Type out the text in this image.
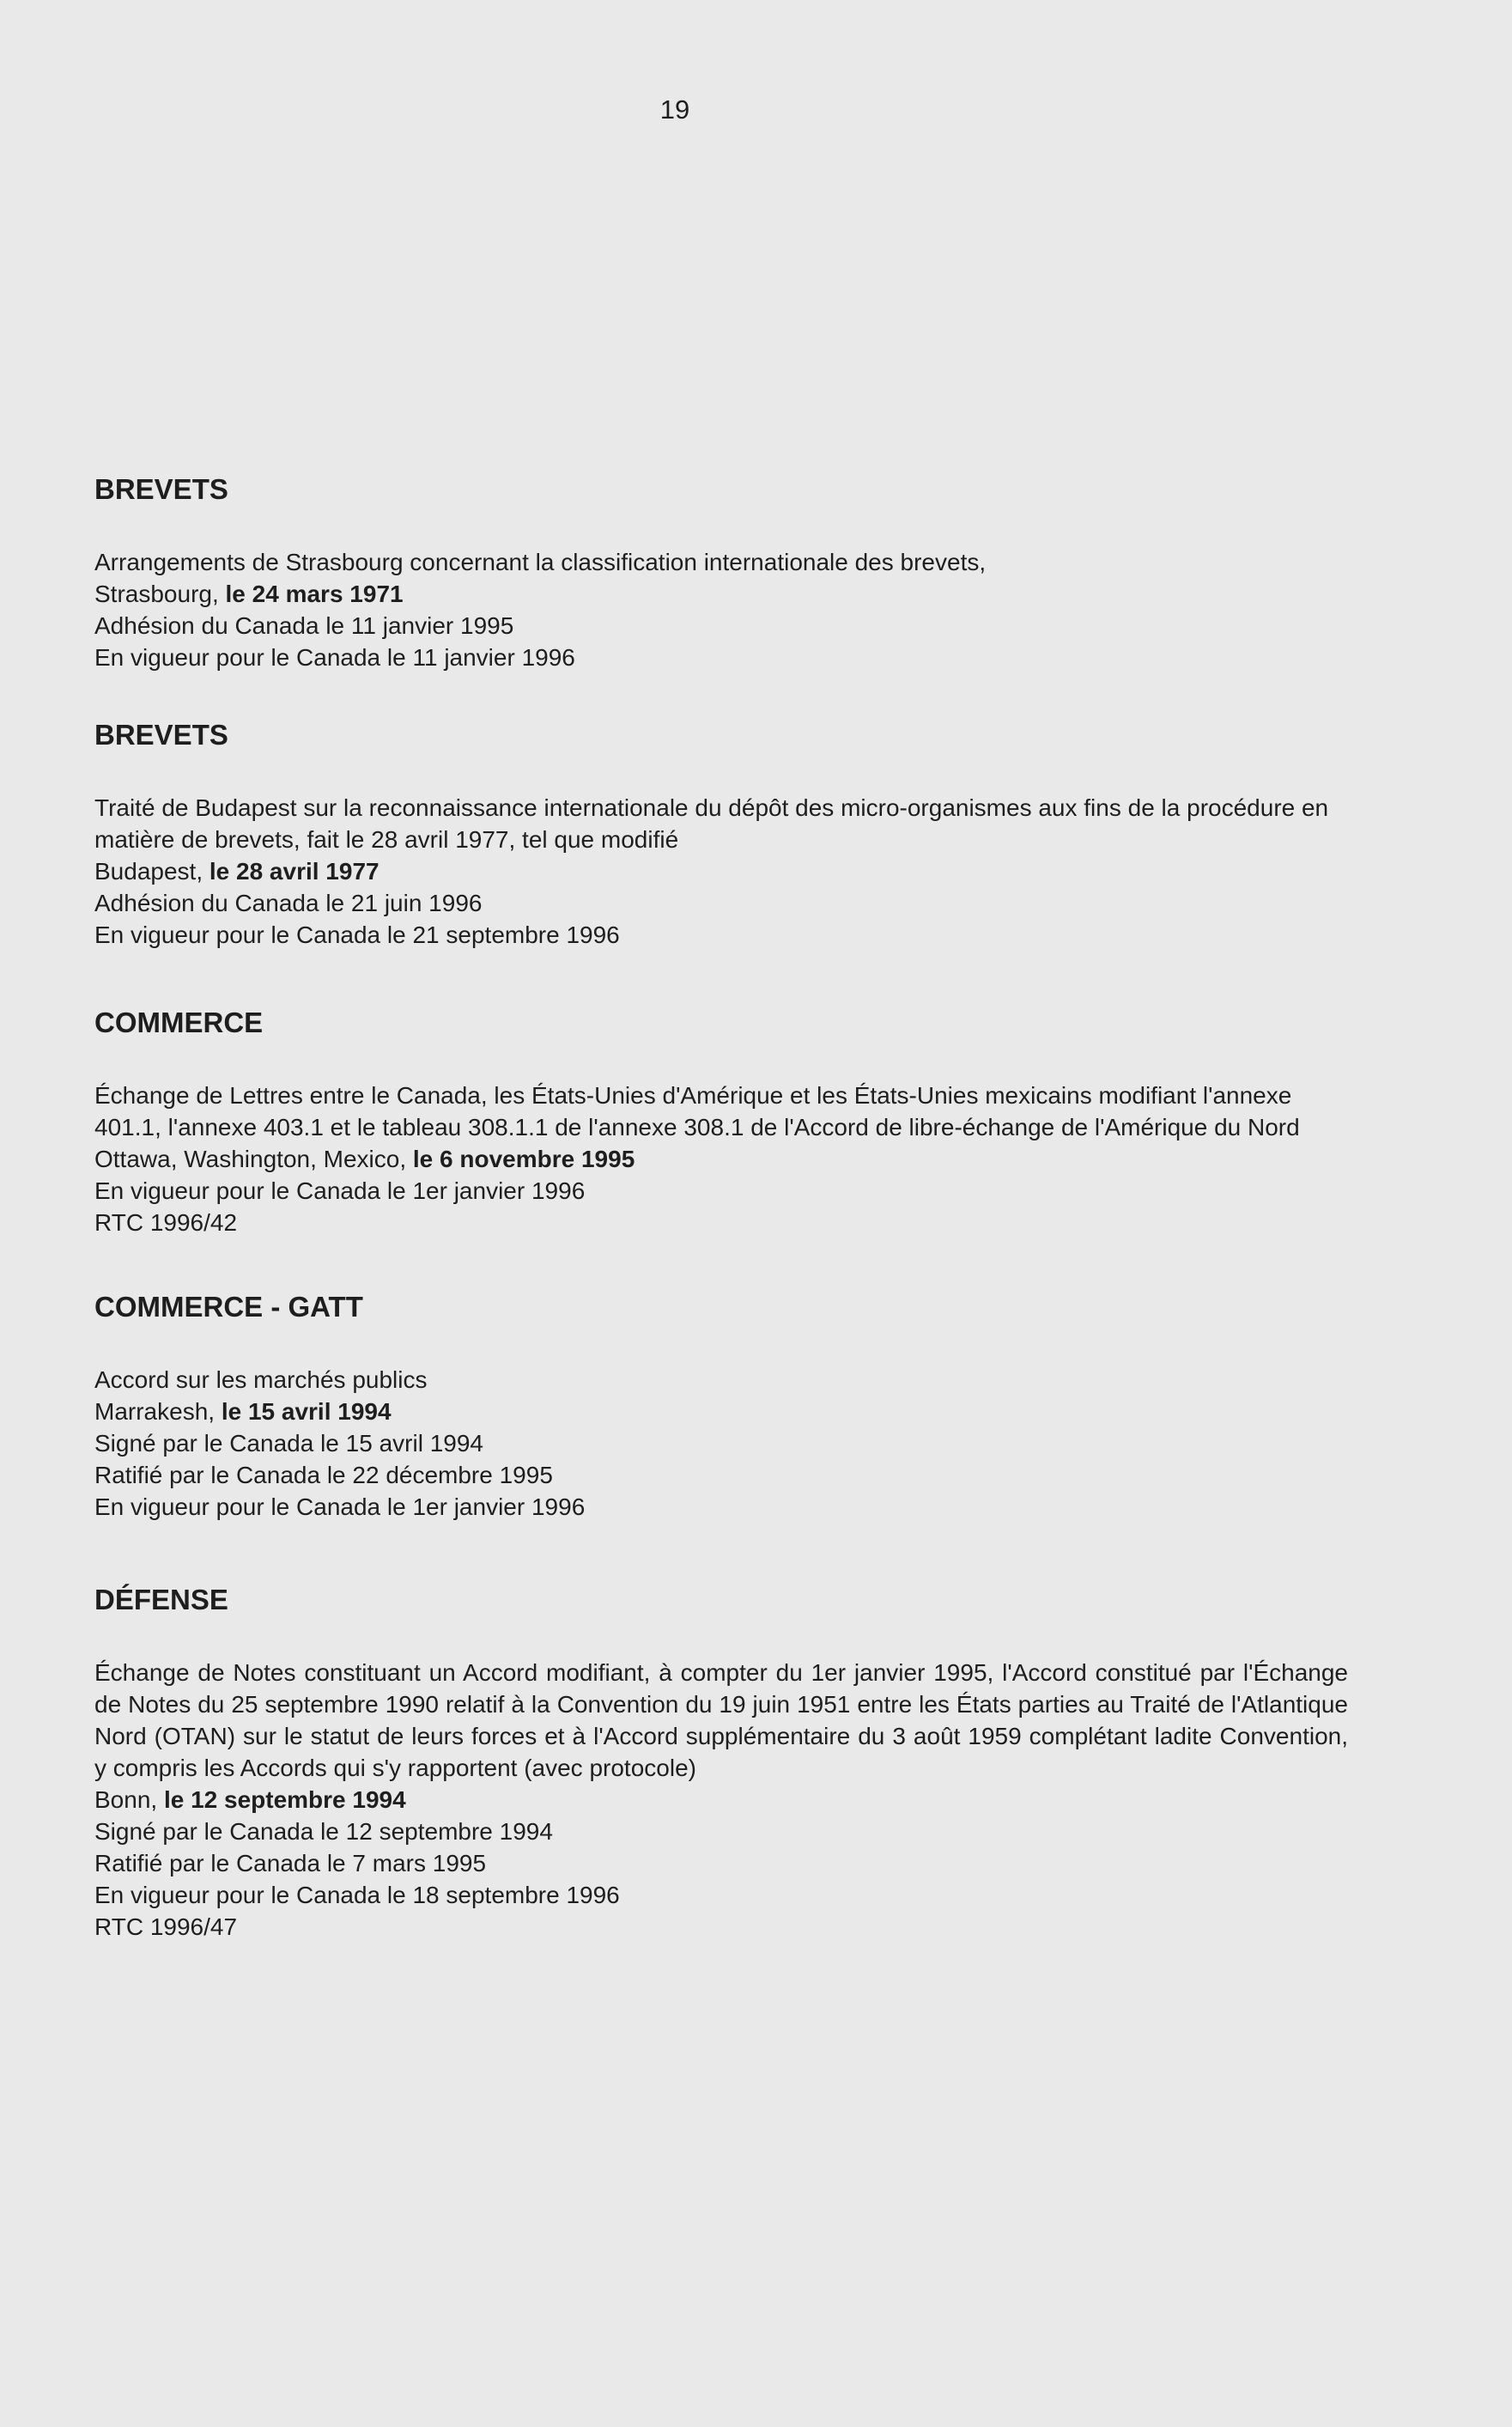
19
BREVETS

Arrangements de Strasbourg concernant la classification internationale des brevets,

Strasbourg, le 24 mars 1971

Adhésion du Canada le 11 janvier 1995

En vigueur pour le Canada le 11 janvier 1996

BREVETS

Traité de Budapest sur la reconnaissance internationale du dépôt des micro-organismes aux fins de la procédure en matière de brevets, fait le 28 avril 1977, tel que modifié

Budapest, le 28 avril 1977

Adhésion du Canada le 21 juin 1996

En vigueur pour le Canada le 21 septembre 1996

COMMERCE

Échange de Lettres entre le Canada, les États-Unies d'Amérique et les États-Unies mexicains modifiant l'annexe 401.1, l'annexe 403.1 et le tableau 308.1.1 de l'annexe 308.1 de l'Accord de libre-échange de l'Amérique du Nord

Ottawa, Washington, Mexico, le 6 novembre 1995

En vigueur pour le Canada le 1er janvier 1996

RTC 1996/42

COMMERCE - GATT

Accord sur les marchés publics

Marrakesh, le 15 avril 1994

Signé par le Canada le 15 avril 1994

Ratifié par le Canada le 22 décembre 1995

En vigueur pour le Canada le 1er janvier 1996

DÉFENSE

Échange de Notes constituant un Accord modifiant, à compter du 1er janvier 1995, l'Accord constitué par l'Échange de Notes du 25 septembre 1990 relatif à la Convention du 19 juin 1951 entre les États parties au Traité de l'Atlantique Nord (OTAN) sur le statut de leurs forces et à l'Accord supplémentaire du 3 août 1959 complétant ladite Convention, y compris les Accords qui s'y rapportent (avec protocole)

Bonn, le 12 septembre 1994

Signé par le Canada le 12 septembre 1994

Ratifié par le Canada le 7 mars 1995

En vigueur pour le Canada le 18 septembre 1996

RTC 1996/47
